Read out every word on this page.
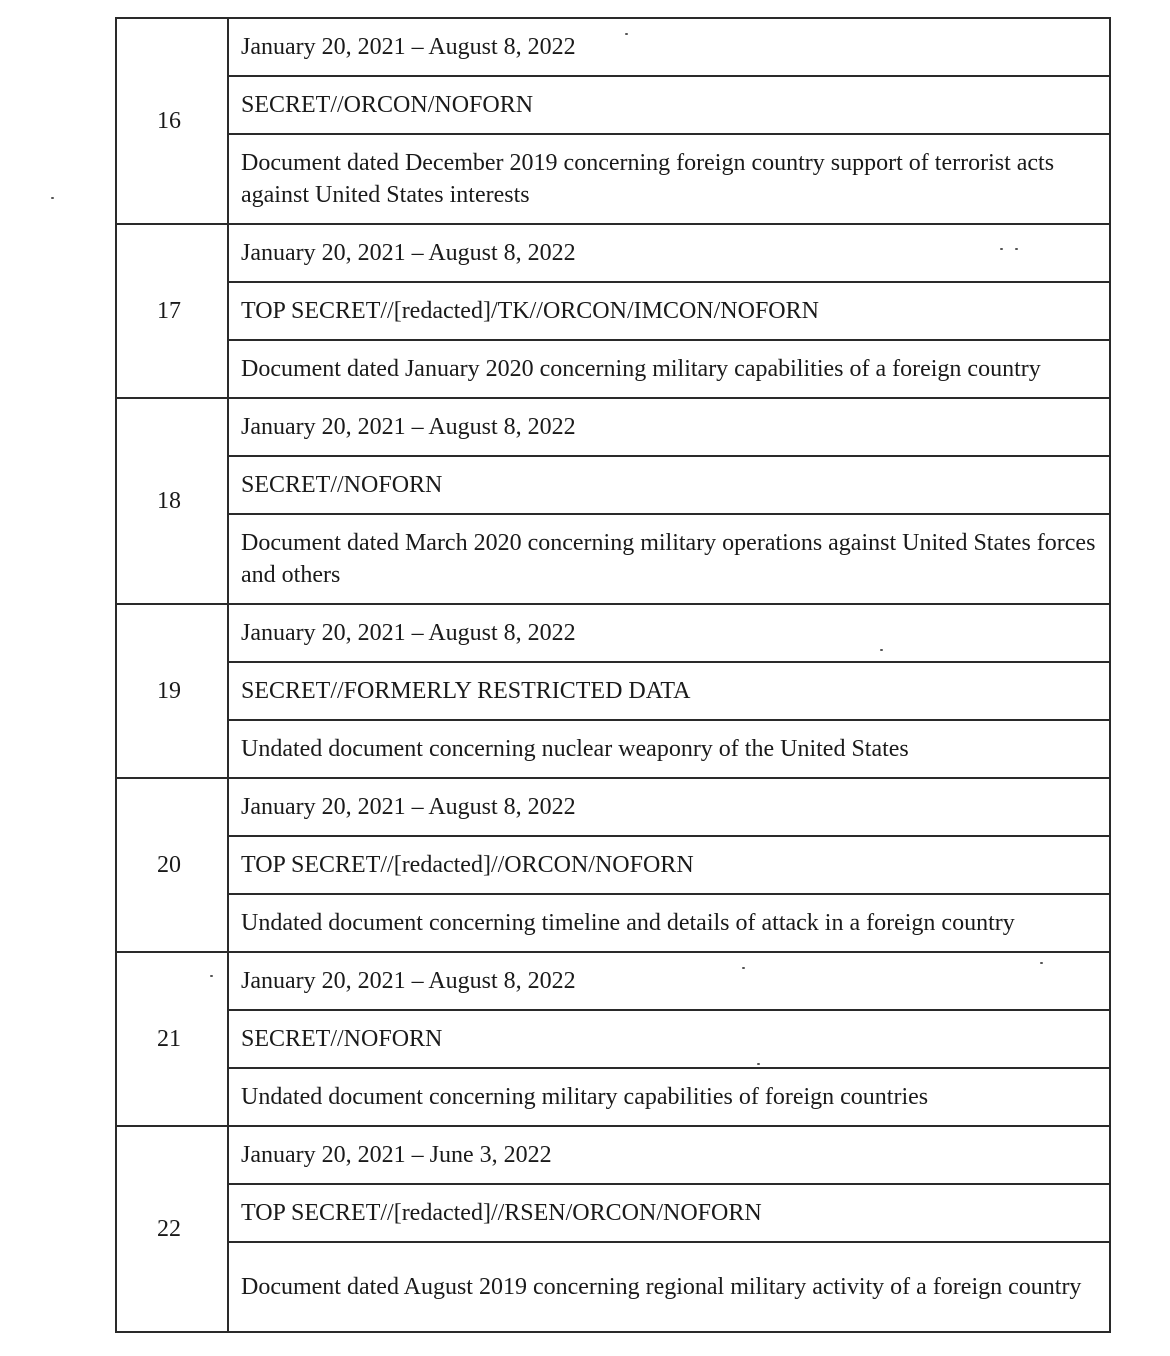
16	January 20, 2021 – August 8, 2022
	SECRET//ORCON/NOFORN
	Document dated December 2019 concerning foreign country support of terrorist acts against United States interests
17	January 20, 2021 – August 8, 2022
	TOP SECRET//[redacted]/TK//ORCON/IMCON/NOFORN
	Document dated January 2020 concerning military capabilities of a foreign country
18	January 20, 2021 – August 8, 2022
	SECRET//NOFORN
	Document dated March 2020 concerning military operations against United States forces and others
19	January 20, 2021 – August 8, 2022
	SECRET//FORMERLY RESTRICTED DATA
	Undated document concerning nuclear weaponry of the United States
20	January 20, 2021 – August 8, 2022
	TOP SECRET//[redacted]//ORCON/NOFORN
	Undated document concerning timeline and details of attack in a foreign country
21	January 20, 2021 – August 8, 2022
	SECRET//NOFORN
	Undated document concerning military capabilities of foreign countries
22	January 20, 2021 – June 3, 2022
	TOP SECRET//[redacted]//RSEN/ORCON/NOFORN
	Document dated August 2019 concerning regional military activity of a foreign country
